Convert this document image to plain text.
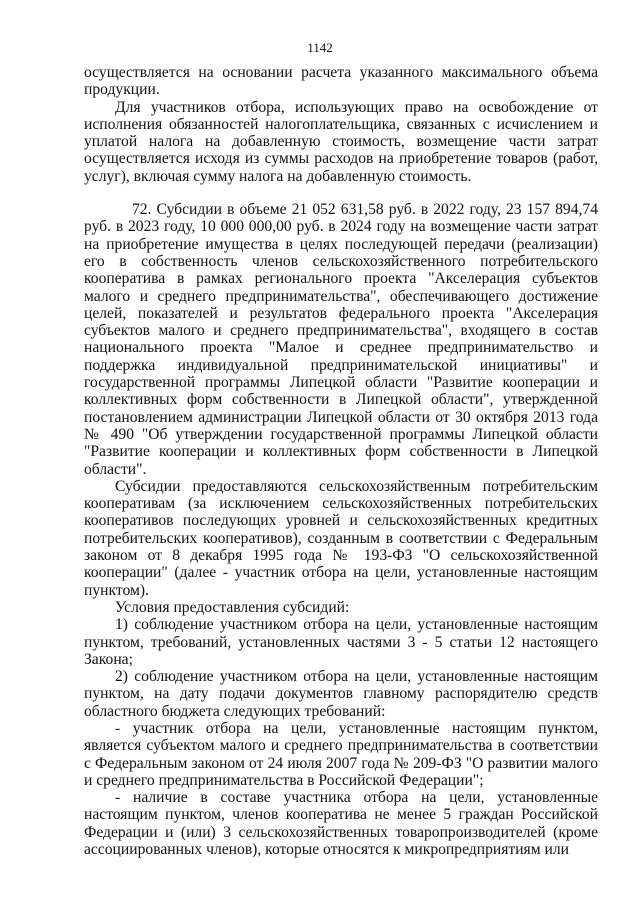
1142

осуществляется на основании расчета указанного максимального объема продукции.

Для участников отбора, использующих право на освобождение от исполнения обязанностей налогоплательщика, связанных с исчислением и уплатой налога на добавленную стоимость, возмещение части затрат осуществляется исходя из суммы расходов на приобретение товаров (работ, услуг), включая сумму налога на добавленную стоимость.

72. Субсидии в объеме 21 052 631,58 руб. в 2022 году, 23 157 894,74 руб. в 2023 году, 10 000 000,00 руб. в 2024 году на возмещение части затрат на приобретение имущества в целях последующей передачи (реализации) его в собственность членов сельскохозяйственного потребительского кооператива в рамках регионального проекта "Акселерация субъектов малого и среднего предпринимательства", обеспечивающего достижение целей, показателей и результатов федерального проекта "Акселерация субъектов малого и среднего предпринимательства", входящего в состав национального проекта "Малое и среднее предпринимательство и поддержка индивидуальной предпринимательской инициативы" и государственной программы Липецкой области "Развитие кооперации и коллективных форм собственности в Липецкой области", утвержденной постановлением администрации Липецкой области от 30 октября 2013 года № 490 "Об утверждении государственной программы Липецкой области "Развитие кооперации и коллективных форм собственности в Липецкой области".

Субсидии предоставляются сельскохозяйственным потребительским кооперативам (за исключением сельскохозяйственных потребительских кооперативов последующих уровней и сельскохозяйственных кредитных потребительских кооперативов), созданным в соответствии с Федеральным законом от 8 декабря 1995 года № 193-ФЗ "О сельскохозяйственной кооперации" (далее - участник отбора на цели, установленные настоящим пунктом).

Условия предоставления субсидий:

1) соблюдение участником отбора на цели, установленные настоящим пунктом, требований, установленных частями 3 - 5 статьи 12 настоящего Закона;

2) соблюдение участником отбора на цели, установленные настоящим пунктом, на дату подачи документов главному распорядителю средств областного бюджета следующих требований:

- участник отбора на цели, установленные настоящим пунктом, является субъектом малого и среднего предпринимательства в соответствии с Федеральным законом от 24 июля 2007 года № 209-ФЗ "О развитии малого и среднего предпринимательства в Российской Федерации";

- наличие в составе участника отбора на цели, установленные настоящим пунктом, членов кооператива не менее 5 граждан Российской Федерации и (или) 3 сельскохозяйственных товаропроизводителей (кроме ассоциированных членов), которые относятся к микропредприятиям или
